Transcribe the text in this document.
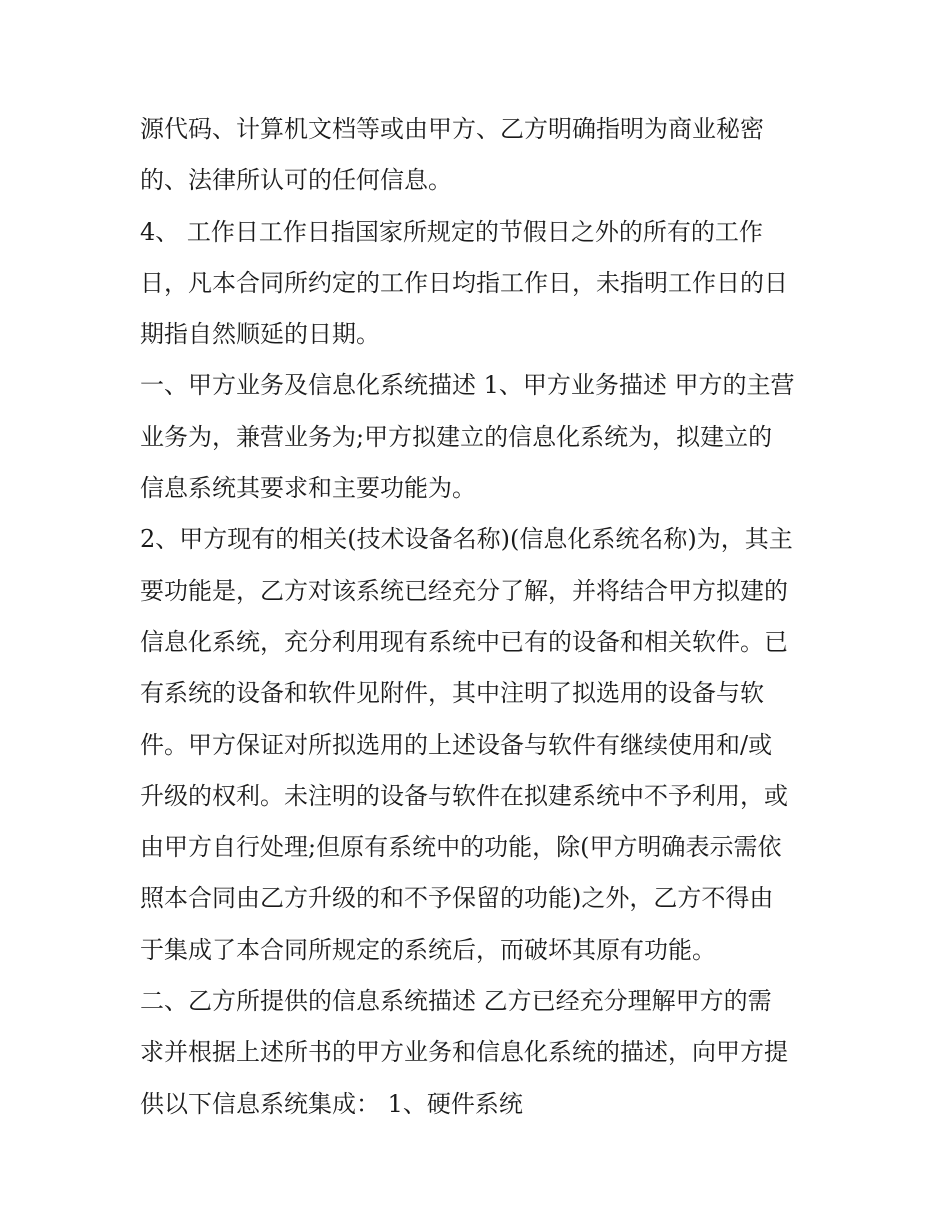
源代码、计算机文档等或由甲方、乙方明确指明为商业秘密
的、法律所认可的任何信息。
4、 工作日工作日指国家所规定的节假日之外的所有的工作
日，凡本合同所约定的工作日均指工作日，未指明工作日的日
期指自然顺延的日期。
一、甲方业务及信息化系统描述 1、甲方业务描述 甲方的主营
业务为，兼营业务为;甲方拟建立的信息化系统为，拟建立的
信息系统其要求和主要功能为。
2、甲方现有的相关(技术设备名称)(信息化系统名称)为，其主
要功能是，乙方对该系统已经充分了解，并将结合甲方拟建的
信息化系统，充分利用现有系统中已有的设备和相关软件。已
有系统的设备和软件见附件，其中注明了拟选用的设备与软
件。甲方保证对所拟选用的上述设备与软件有继续使用和/或
升级的权利。未注明的设备与软件在拟建系统中不予利用，或
由甲方自行处理;但原有系统中的功能，除(甲方明确表示需依
照本合同由乙方升级的和不予保留的功能)之外，乙方不得由
于集成了本合同所规定的系统后，而破坏其原有功能。
二、乙方所提供的信息系统描述 乙方已经充分理解甲方的需
求并根据上述所书的甲方业务和信息化系统的描述，向甲方提
供以下信息系统集成： 1、硬件系统
